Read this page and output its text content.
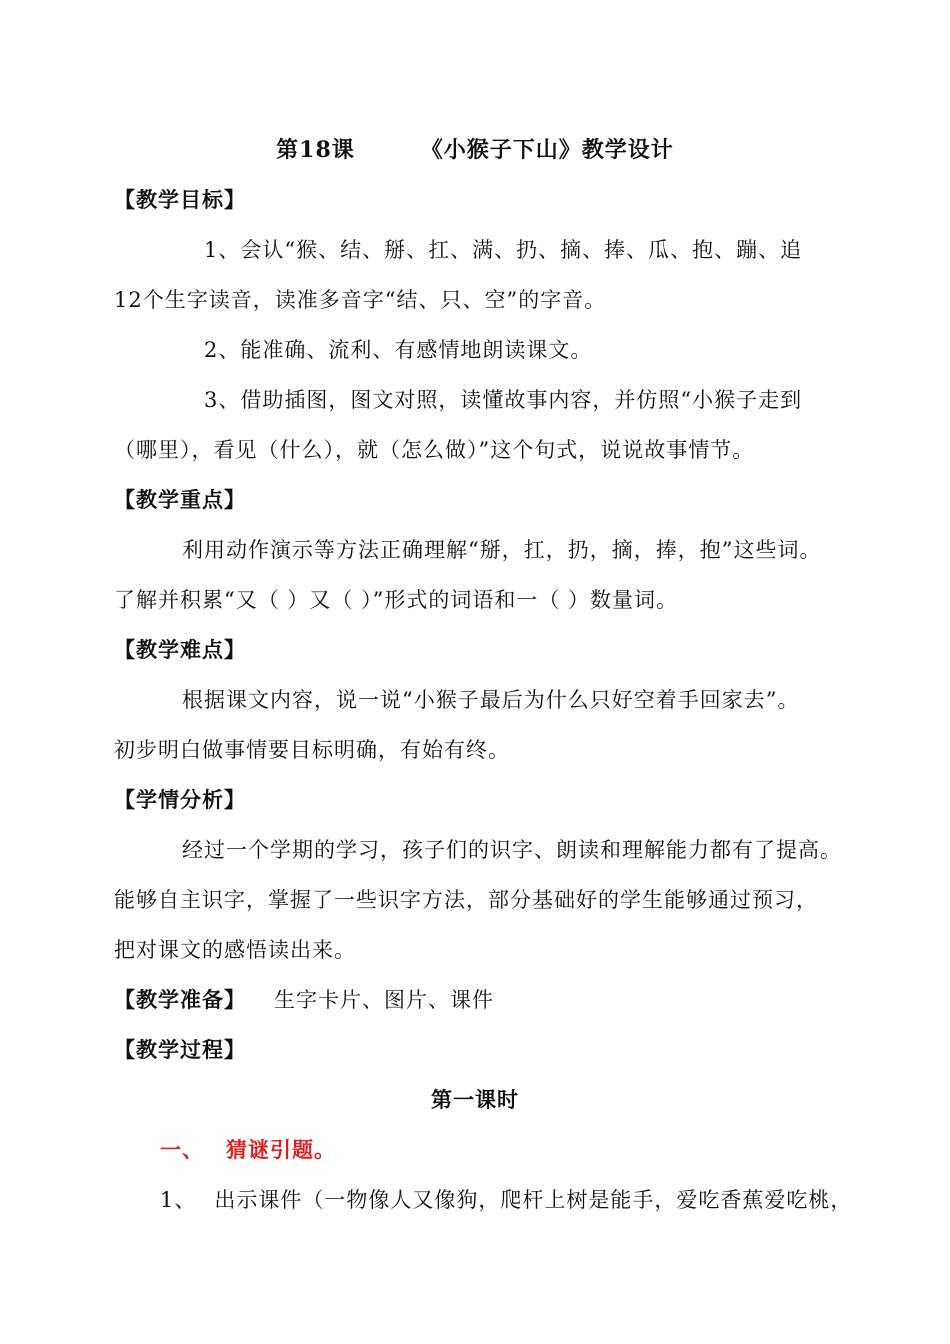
第18课	《小猴子下山》教学设计
【教学目标】
1、会认“猴、结、掰、扛、满、扔、摘、捧、瓜、抱、蹦、追
12个生字读音，读准多音字“结、只、空”的字音。
2、能准确、流利、有感情地朗读课文。
3、借助插图，图文对照，读懂故事内容，并仿照“小猴子走到
（哪里），看见（什么），就（怎么做）”这个句式，说说故事情节。
【教学重点】
利用动作演示等方法正确理解“掰，扛，扔，摘，捧，抱”这些词。
了解并积累“又（ ）又（ ）”形式的词语和一（ ）数量词。
【教学难点】
根据课文内容，说一说“小猴子最后为什么只好空着手回家去”。
初步明白做事情要目标明确，有始有终。
【学情分析】
经过一个学期的学习，孩子们的识字、朗读和理解能力都有了提高。
能够自主识字，掌握了一些识字方法，部分基础好的学生能够通过预习，
把对课文的感悟读出来。
【教学准备】 生字卡片、图片、课件
【教学过程】
第一课时
一、 猜谜引题。
1、 出示课件（一物像人又像狗，爬杆上树是能手，爱吃香蕉爱吃桃，
